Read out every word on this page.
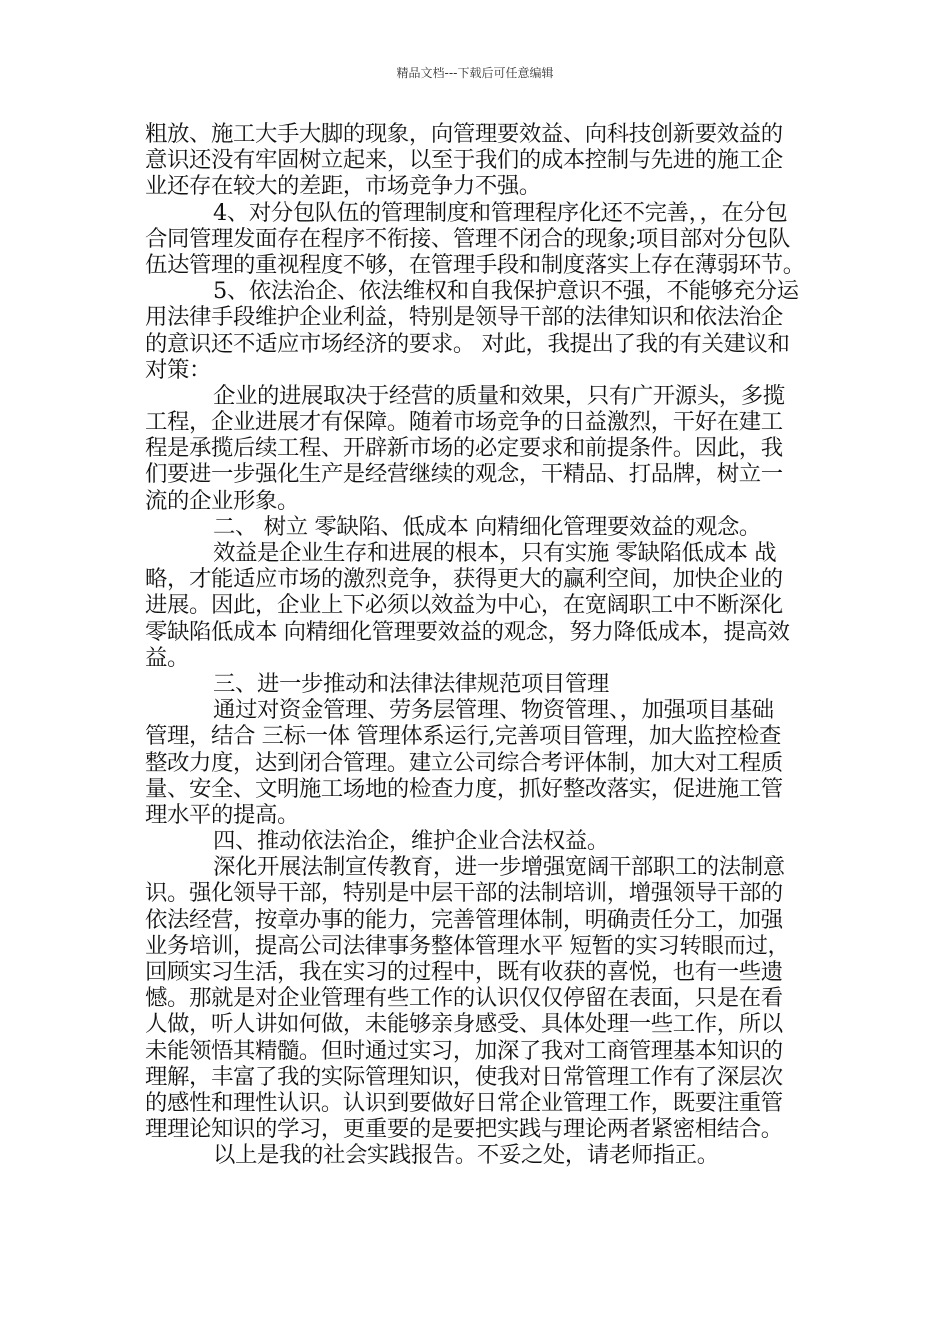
精品文档---下载后可任意编辑
粗放、施工大手大脚的现象，向管理要效益、向科技创新要效益的
意识还没有牢固树立起来，以至于我们的成本控制与先进的施工企
业还存在较大的差距，市场竞争力不强。
4、对分包队伍的管理制度和管理程序化还不完善，，在分包
合同管理发面存在程序不衔接、管理不闭合的现象;项目部对分包队
伍达管理的重视程度不够，在管理手段和制度落实上存在薄弱环节。
5、依法治企、依法维权和自我保护意识不强，不能够充分运
用法律手段维护企业利益，特别是领导干部的法律知识和依法治企
的意识还不适应市场经济的要求。 对此，我提出了我的有关建议和
对策：
企业的进展取决于经营的质量和效果，只有广开源头，多揽
工程，企业进展才有保障。随着市场竞争的日益激烈，干好在建工
程是承揽后续工程、开辟新市场的必定要求和前提条件。因此，我
们要进一步强化生产是经营继续的观念，干精品、打品牌，树立一
流的企业形象。
二、 树立 零缺陷、低成本 向精细化管理要效益的观念。
效益是企业生存和进展的根本，只有实施 零缺陷低成本 战
略，才能适应市场的激烈竞争，获得更大的赢利空间，加快企业的
进展。因此，企业上下必须以效益为中心，在宽阔职工中不断深化
零缺陷低成本 向精细化管理要效益的观念，努力降低成本，提高效
益。
三、进一步推动和法律法律规范项目管理
通过对资金管理、劳务层管理、物资管理、，加强项目基础
管理，结合 三标一体 管理体系运行,完善项目管理，加大监控检查
整改力度，达到闭合管理。建立公司综合考评体制，加大对工程质
量、安全、文明施工场地的检查力度，抓好整改落实，促进施工管
理水平的提高。
四、推动依法治企，维护企业合法权益。
深化开展法制宣传教育，进一步增强宽阔干部职工的法制意
识。强化领导干部，特别是中层干部的法制培训，增强领导干部的
依法经营，按章办事的能力，完善管理体制，明确责任分工，加强
业务培训，提高公司法律事务整体管理水平 短暂的实习转眼而过，
回顾实习生活，我在实习的过程中，既有收获的喜悦，也有一些遗
憾。那就是对企业管理有些工作的认识仅仅停留在表面，只是在看
人做，听人讲如何做，未能够亲身感受、具体处理一些工作，所以
未能领悟其精髓。但时通过实习，加深了我对工商管理基本知识的
理解，丰富了我的实际管理知识，使我对日常管理工作有了深层次
的感性和理性认识。认识到要做好日常企业管理工作，既要注重管
理理论知识的学习，更重要的是要把实践与理论两者紧密相结合。
以上是我的社会实践报告。不妥之处，请老师指正。
